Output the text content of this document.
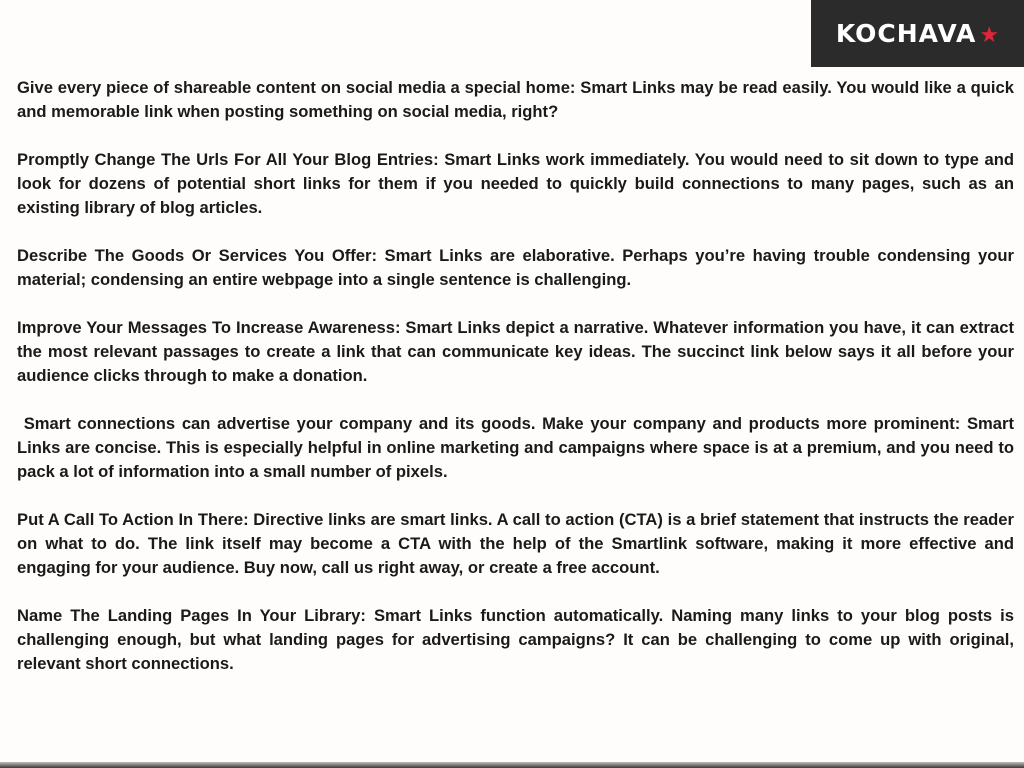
KOCHAVA ★

Give every piece of shareable content on social media a special home: Smart Links may be read easily. You would like a quick and memorable link when posting something on social media, right?

Promptly Change The Urls For All Your Blog Entries: Smart Links work immediately. You would need to sit down to type and look for dozens of potential short links for them if you needed to quickly build connections to many pages, such as an existing library of blog articles.

Describe The Goods Or Services You Offer: Smart Links are elaborative. Perhaps you’re having trouble condensing your material; condensing an entire webpage into a single sentence is challenging.

Improve Your Messages To Increase Awareness: Smart Links depict a narrative. Whatever information you have, it can extract the most relevant passages to create a link that can communicate key ideas. The succinct link below says it all before your audience clicks through to make a donation.

Smart connections can advertise your company and its goods. Make your company and products more prominent: Smart Links are concise. This is especially helpful in online marketing and campaigns where space is at a premium, and you need to pack a lot of information into a small number of pixels.

Put A Call To Action In There: Directive links are smart links. A call to action (CTA) is a brief statement that instructs the reader on what to do. The link itself may become a CTA with the help of the Smartlink software, making it more effective and engaging for your audience. Buy now, call us right away, or create a free account.

Name The Landing Pages In Your Library: Smart Links function automatically. Naming many links to your blog posts is challenging enough, but what landing pages for advertising campaigns? It can be challenging to come up with original, relevant short connections.
